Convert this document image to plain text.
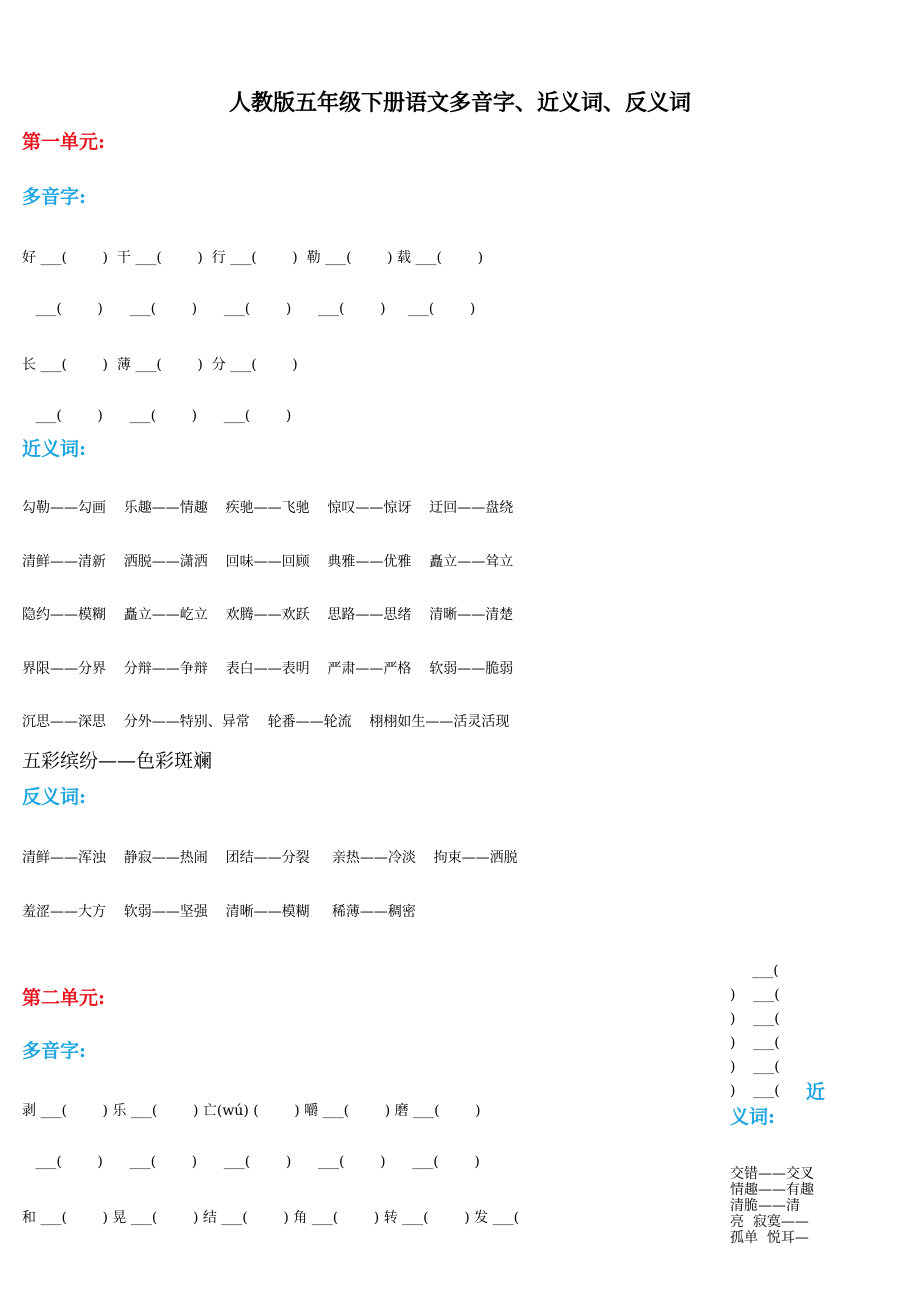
人教版五年级下册语文多音字、近义词、反义词
第一单元:
多音字:
好 ___(        )  干 ___(        )  行 ___(        )  勒 ___(        ) 载 ___(        )
___(        )      ___(        )      ___(        )      ___(        )     ___(        )
长 ___(        )  薄 ___(        )  分 ___(        )
___(        )      ___(        )      ___(        )
近义词:
勾勒——勾画    乐趣——情趣    疾驰——飞驰    惊叹——惊讶    迂回——盘绕
清鲜——清新    洒脱——潇洒    回味——回顾    典雅——优雅    矗立——耸立
隐约——模糊    矗立——屹立    欢腾——欢跃    思路——思绪    清晰——清楚
界限——分界    分辩——争辩    表白——表明    严肃——严格    软弱——脆弱
沉思——深思    分外——特别、异常    轮番——轮流    栩栩如生——活灵活现
五彩缤纷——色彩斑斓
反义词:
清鲜——浑浊    静寂——热闹    团结——分裂     亲热——冷淡    拘束——洒脱
羞涩——大方    软弱——坚强    清晰——模糊     稀薄——稠密
第二单元:
多音字:
剥 ___(        ) 乐 ___(        ) 亡(wú) (        ) 嚼 ___(        ) 磨 ___(        )
___(        )      ___(        )      ___(        )      ___(        )      ___(        )
和 ___(        ) 晃 ___(        ) 结 ___(        ) 角 ___(        ) 转 ___(        ) 发 ___(
___(
)    ___(
)    ___(
)    ___(
)    ___(
)    ___( 近
义词:
交错——交叉
情趣——有趣
清脆——清
亮  寂寞——
孤单  悦耳—
